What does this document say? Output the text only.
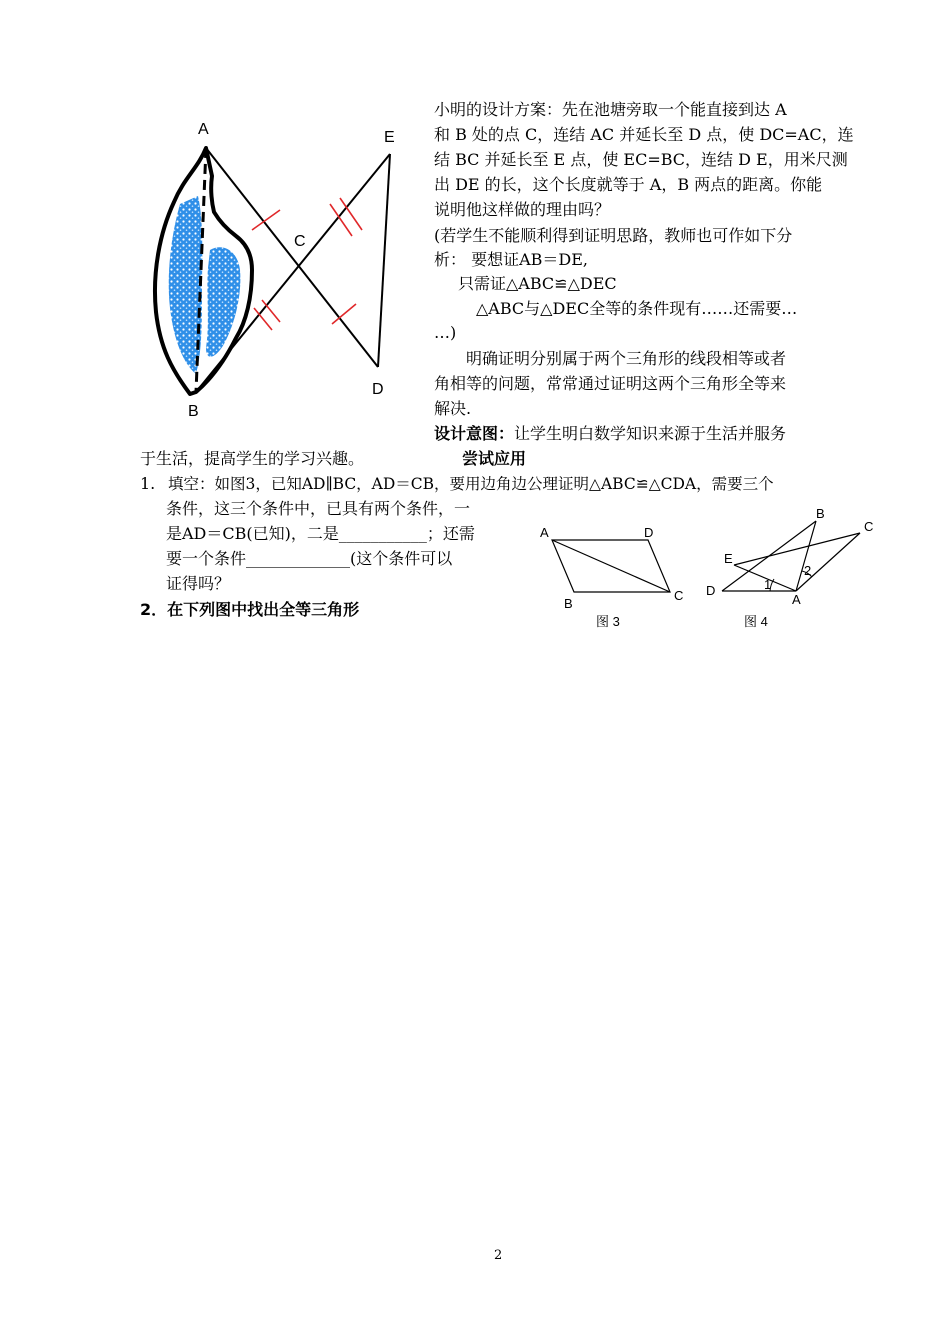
A
B
C
D
E
小明的设计方案：先在池塘旁取一个能直接到达 A
和 B 处的点 C，连结 AC 并延长至 D 点，使 DC=AC，连
结 BC 并延长至 E 点，使 EC=BC，连结 D E，用米尺测
出 DE 的长，这个长度就等于 A，B 两点的距离。你能
说明他这样做的理由吗？
(若学生不能顺利得到证明思路，教师也可作如下分
析： 要想证AB＝DE,
只需证△ABC≌△DEC
△ABC与△DEC全等的条件现有……还需要…
…)
明确证明分别属于两个三角形的线段相等或者
角相等的问题，常常通过证明这两个三角形全等来
解决.
设计意图：让学生明白数学知识来源于生活并服务
于生活，提高学生的学习兴趣。	尝试应用
1. 填空：如图3，已知AD∥BC，AD＝CB，要用边角边公理证明△ABC≌△CDA，需要三个
条件，这三个条件中，已具有两个条件，一
是AD＝CB(已知)，二是___________；还需
要一个条件_____________(这个条件可以
证得吗？
2．在下列图中找出全等三角形
A	D
B
C
图 3
B
C
E
D
A
1
2
图 4
2
